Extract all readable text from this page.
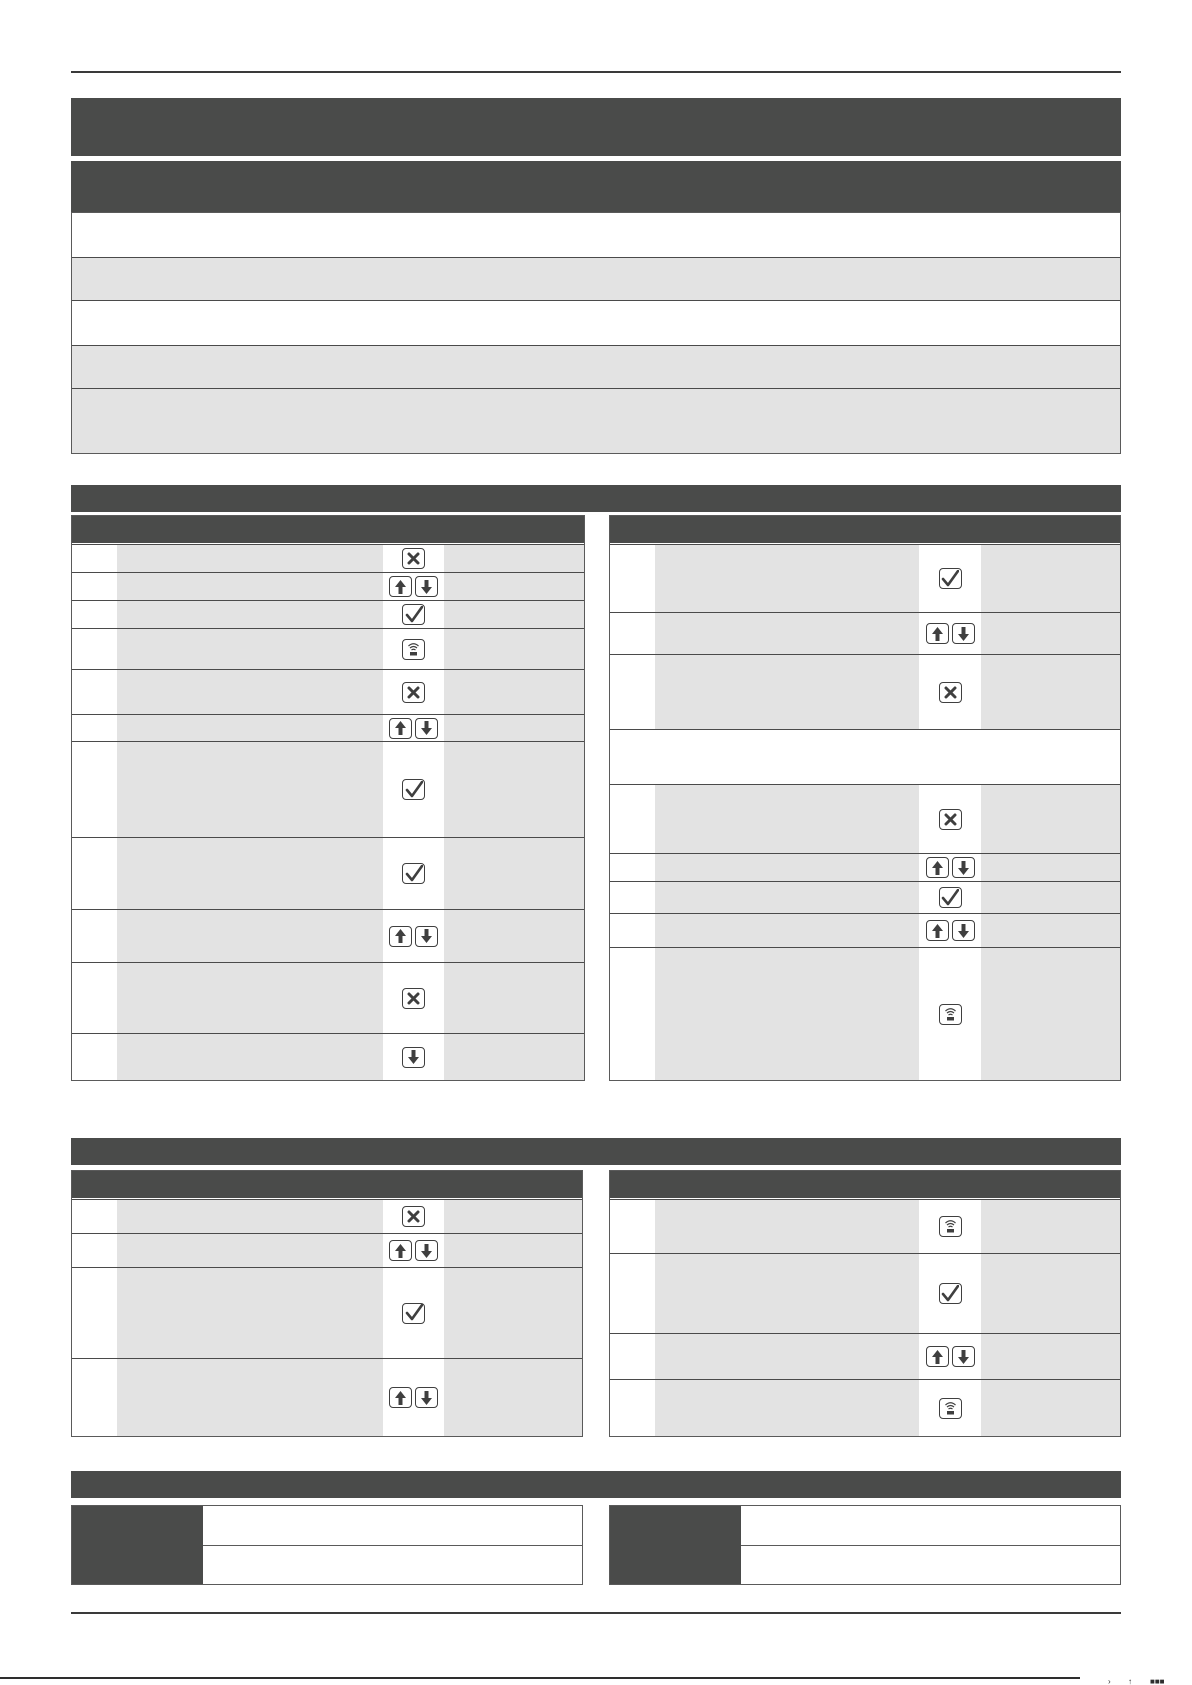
› ↑ ■■■
